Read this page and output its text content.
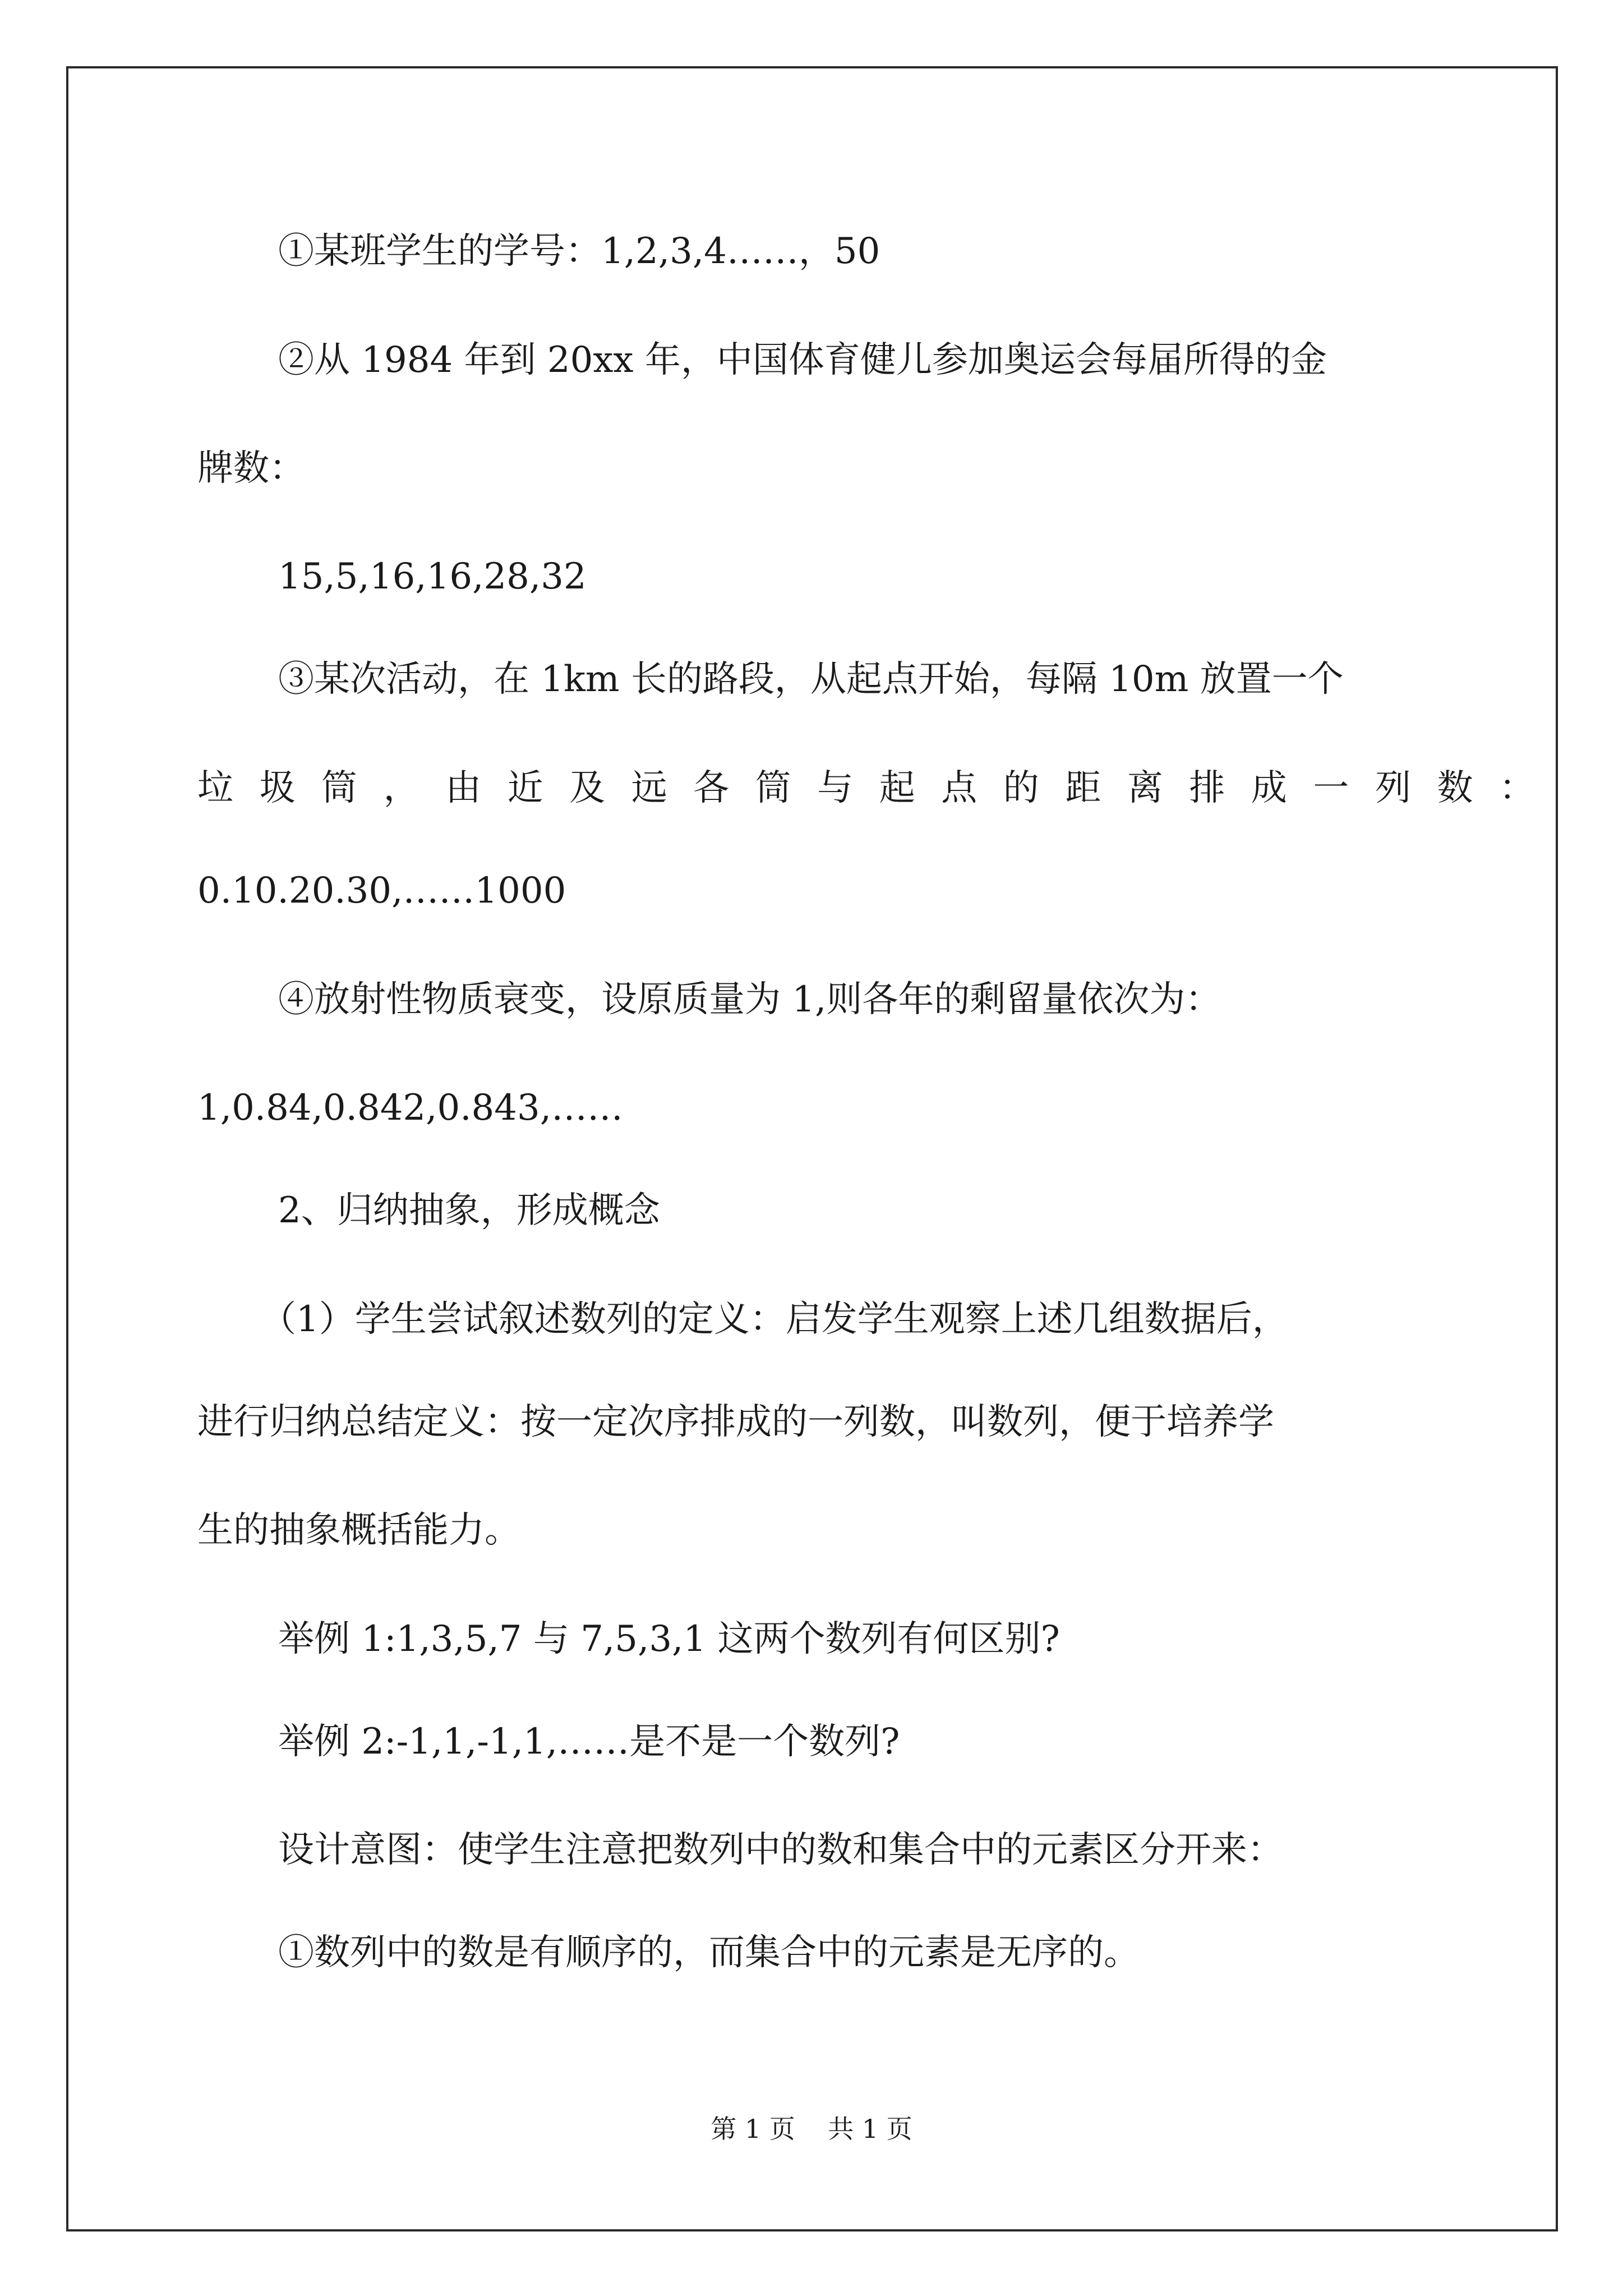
①某班学生的学号：1,2,3,4……，50

②从 1984 年到 20xx 年，中国体育健儿参加奥运会每届所得的金

牌数：

15,5,16,16,28,32

③某次活动，在 1km 长的路段，从起点开始，每隔 10m 放置一个

垃 圾 筒 ， 由 近 及 远 各 筒 与 起 点 的 距 离 排 成 一 列 数 ：

0.10.20.30,……1000

④放射性物质衰变，设原质量为 1,则各年的剩留量依次为：

1,0.84,0.842,0.843,……

2、归纳抽象，形成概念

（1）学生尝试叙述数列的定义：启发学生观察上述几组数据后，

进行归纳总结定义：按一定次序排成的一列数，叫数列，便于培养学

生的抽象概括能力。

举例 1:1,3,5,7 与 7,5,3,1 这两个数列有何区别?

举例 2:-1,1,-1,1,……是不是一个数列?

设计意图：使学生注意把数列中的数和集合中的元素区分开来：

①数列中的数是有顺序的，而集合中的元素是无序的。

第 1 页    共 1 页
